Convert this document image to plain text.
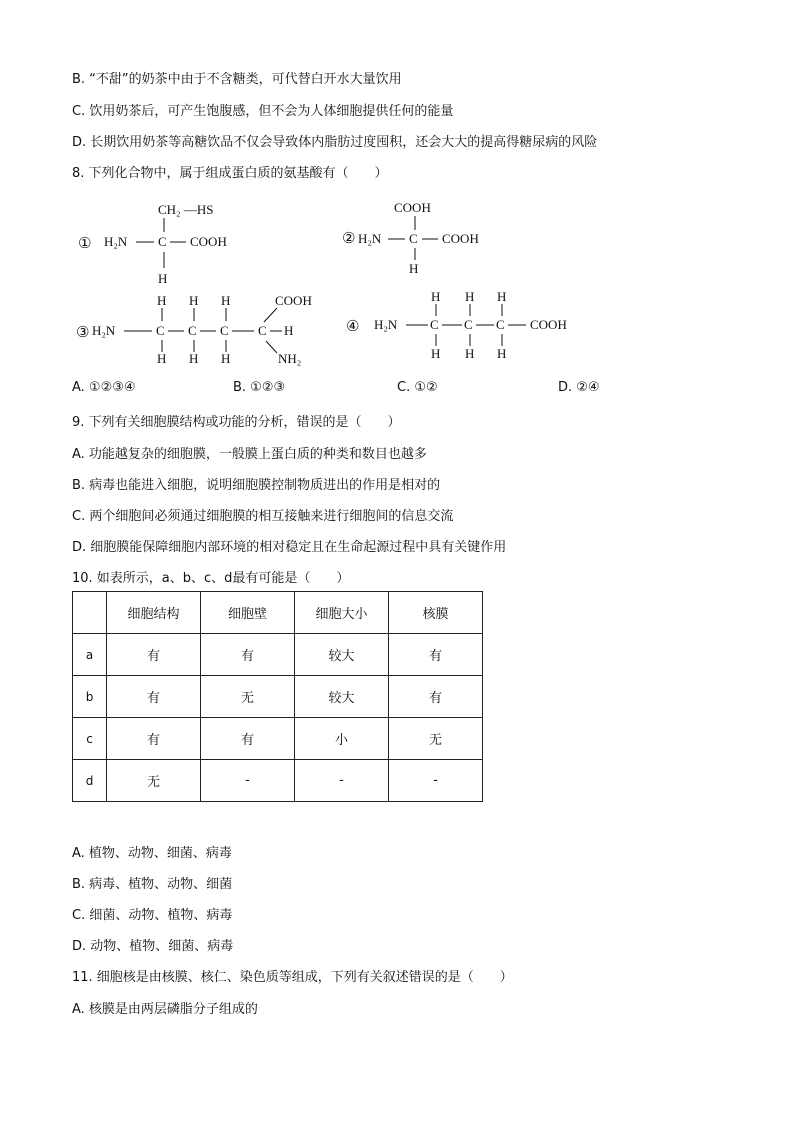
B. “不甜”的奶茶中由于不含糖类，可代替白开水大量饮用
C. 饮用奶茶后，可产生饱腹感，但不会为人体细胞提供任何的能量
D. 长期饮用奶茶等高糖饮品不仅会导致体内脂肪过度囤积，还会大大的提高得糖尿病的风险
8. 下列化合物中，属于组成蛋白质的氨基酸有（　　）
①
CH₂ —HS
H₂N C COOH
H
COOH
② H₂N C COOH
H
H H H	COOH
③ H₂N	C C C C H
H H H	NH₂
H H H
④ H₂N	C C C COOH
H H H
A. ①②③④	B. ①②③	C. ①②	D. ②④
9. 下列有关细胞膜结构或功能的分析，错误的是（　　）
A. 功能越复杂的细胞膜，一般膜上蛋白质的种类和数目也越多
B. 病毒也能进入细胞，说明细胞膜控制物质进出的作用是相对的
C. 两个细胞间必须通过细胞膜的相互接触来进行细胞间的信息交流
D. 细胞膜能保障细胞内部环境的相对稳定且在生命起源过程中具有关键作用
10. 如表所示，a、b、c、d最有可能是（　　）
	细胞结构	细胞壁	细胞大小	核膜
a	有	有	较大	有
b	有	无	较大	有
c	有	有	小	无
d	无	-	-	-
A. 植物、动物、细菌、病毒
B. 病毒、植物、动物、细菌
C. 细菌、动物、植物、病毒
D. 动物、植物、细菌、病毒
11. 细胞核是由核膜、核仁、染色质等组成，下列有关叙述错误的是（　　）
A. 核膜是由两层磷脂分子组成的
